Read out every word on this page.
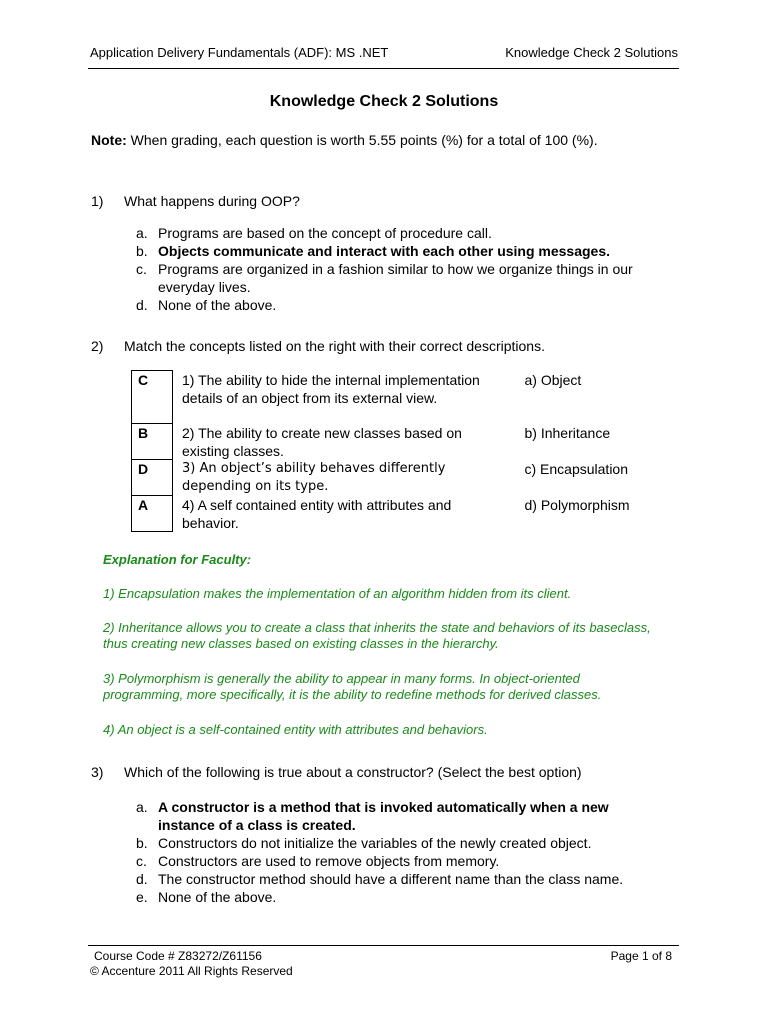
Application Delivery Fundamentals (ADF): MS .NET	Knowledge Check 2 Solutions
Knowledge Check 2 Solutions
Note: When grading, each question is worth 5.55 points (%) for a total of 100 (%).
1) What happens during OOP?
a. Programs are based on the concept of procedure call.
b. Objects communicate and interact with each other using messages.
c. Programs are organized in a fashion similar to how we organize things in our everyday lives.
d. None of the above.
2) Match the concepts listed on the right with their correct descriptions.
C	1) The ability to hide the internal implementation details of an object from its external view.	a) Object
B	2) The ability to create new classes based on existing classes.	b) Inheritance
D	3) An object’s ability behaves differently depending on its type.	c) Encapsulation
A	4) A self contained entity with attributes and behavior.	d) Polymorphism
Explanation for Faculty:
1) Encapsulation makes the implementation of an algorithm hidden from its client.
2) Inheritance allows you to create a class that inherits the state and behaviors of its baseclass, thus creating new classes based on existing classes in the hierarchy.
3) Polymorphism is generally the ability to appear in many forms. In object-oriented programming, more specifically, it is the ability to redefine methods for derived classes.
4) An object is a self-contained entity with attributes and behaviors.
3) Which of the following is true about a constructor? (Select the best option)
a. A constructor is a method that is invoked automatically when a new instance of a class is created.
b. Constructors do not initialize the variables of the newly created object.
c. Constructors are used to remove objects from memory.
d. The constructor method should have a different name than the class name.
e. None of the above.
Course Code # Z83272/Z61156
© Accenture 2011 All Rights Reserved
Page 1 of 8
